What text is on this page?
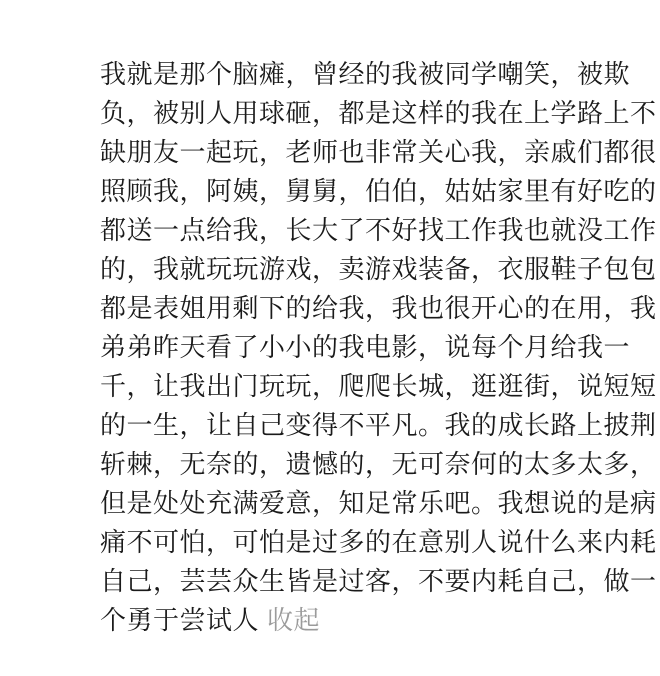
我就是那个脑瘫，曾经的我被同学嘲笑，被欺
负，被别人用球砸，都是这样的我在上学路上不
缺朋友一起玩，老师也非常关心我，亲戚们都很
照顾我，阿姨，舅舅，伯伯，姑姑家里有好吃的
都送一点给我，长大了不好找工作我也就没工作
的，我就玩玩游戏，卖游戏装备，衣服鞋子包包
都是表姐用剩下的给我，我也很开心的在用，我
弟弟昨天看了小小的我电影，说每个月给我一
千，让我出门玩玩，爬爬长城，逛逛街，说短短
的一生，让自己变得不平凡。我的成长路上披荆
斩棘，无奈的，遗憾的，无可奈何的太多太多，
但是处处充满爱意，知足常乐吧。我想说的是病
痛不可怕，可怕是过多的在意别人说什么来内耗
自己，芸芸众生皆是过客，不要内耗自己，做一
个勇于尝试人 收起
